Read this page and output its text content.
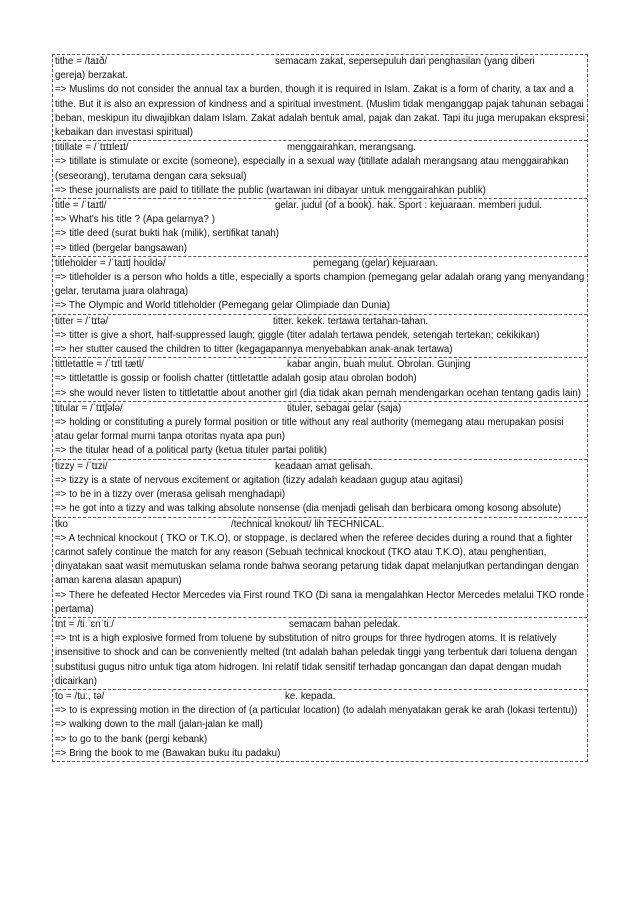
tithe = /taɪð/	semacam zakat, sepersepuluh dari penghasilan (yang diberi
gereja) berzakat.
=> Muslims do not consider the annual tax a burden, though it is required in Islam. Zakat is a form of charity, a tax and a tithe. But it is also an expression of kindness and a spiritual investment. (Muslim tidak menganggap pajak tahunan sebagai beban, meskipun itu diwajibkan dalam Islam. Zakat adalah bentuk amal, pajak dan zakat. Tapi itu juga merupakan ekspresi kebaikan dan investasi spiritual)
titillate = /ˈtɪtɪleɪt/	menggairahkan, merangsang.
=> titillate is stimulate or excite (someone), especially in a sexual way (titillate adalah merangsang atau menggairahkan (seseorang), terutama dengan cara seksual)
=> these journalists are paid to titillate the public (wartawan ini dibayar untuk menggairahkan publik)
title = /ˈtaɪtl/	gelar. judul (of a book). hak. Sport : kejuaraan. memberi judul.
=> What's his title ? (Apa gelarnya? )
=> title deed (surat bukti hak (milik), sertifikat tanah)
=> titled (bergelar bangsawan)
titleholder = /ˈtaɪtl̩ hoʊldə/	pemegang (gelar) kejuaraan.
=> titleholder is a person who holds a title, especially a sports champion (pemegang gelar adalah orang yang menyandang gelar, terutama juara olahraga)
=> The Olympic and World titleholder (Pemegang gelar Olimpiade dan Dunia)
titter = /ˈtɪtə/	titter. kekek. tertawa tertahan-tahan.
=> titter is give a short, half-suppressed laugh; giggle (titer adalah tertawa pendek, setengah tertekan; cekikikan)
=> her stutter caused the children to titter (kegagapannya menyebabkan anak-anak tertawa)
tittletattle = /ˈtɪtl tætl/	kabar angin, buah mulut. Obrolan. Gunjing
=> tittletattle is gossip or foolish chatter (tittletattle adalah gosip atau obrolan bodoh)
=> she would never listen to tittletattle about another girl (dia tidak akan pernah mendengarkan ocehan tentang gadis lain)
titular = /ˈtɪtʃələ/	tituler, sebagai gelar (saja)
=> holding or constituting a purely formal position or title without any real authority (memegang atau merupakan posisi atau gelar formal murni tanpa otoritas nyata apa pun)
=> the titular head of a political party (ketua tituler partai politik)
tizzy = /ˈtɪzi/	keadaan amat gelisah.
=> tizzy is a state of nervous excitement or agitation (tizzy adalah keadaan gugup atau agitasi)
=> to be in a tizzy over (merasa gelisah menghadapi)
=> he got into a tizzy and was talking absolute nonsense (dia menjadi gelisah dan berbicara omong kosong absolute)
tko	/technical knokout/ lih TECHNICAL.
=> A technical knockout ( TKO or T.K.O), or stoppage, is declared when the referee decides during a round that a fighter cannot safely continue the match for any reason (Sebuah technical knockout (TKO atau T.K.O), atau penghentian, dinyatakan saat wasit memutuskan selama ronde bahwa seorang petarung tidak dapat melanjutkan pertandingan dengan aman karena alasan apapun)
=> There he defeated Hector Mercedes via First round TKO (Di sana ia mengalahkan Hector Mercedes melalui TKO ronde pertama)
tnt = /tiːˈɛnˈtiː/	semacam bahan peledak.
=> tnt is a high explosive formed from toluene by substitution of nitro groups for three hydrogen atoms. It is relatively insensitive to shock and can be conveniently melted (tnt adalah bahan peledak tinggi yang terbentuk dari toluena dengan substitusi gugus nitro untuk tiga atom hidrogen. Ini relatif tidak sensitif terhadap goncangan dan dapat dengan mudah dicairkan)
to = /tuː, tə/	ke. kepada.
=> to is expressing motion in the direction of (a particular location) (to adalah menyatakan gerak ke arah (lokasi tertentu))
=> walking down to the mall (jalan-jalan ke mall)
=> to go to the bank (pergi kebank)
=> Bring the book to me (Bawakan buku itu padaku)
